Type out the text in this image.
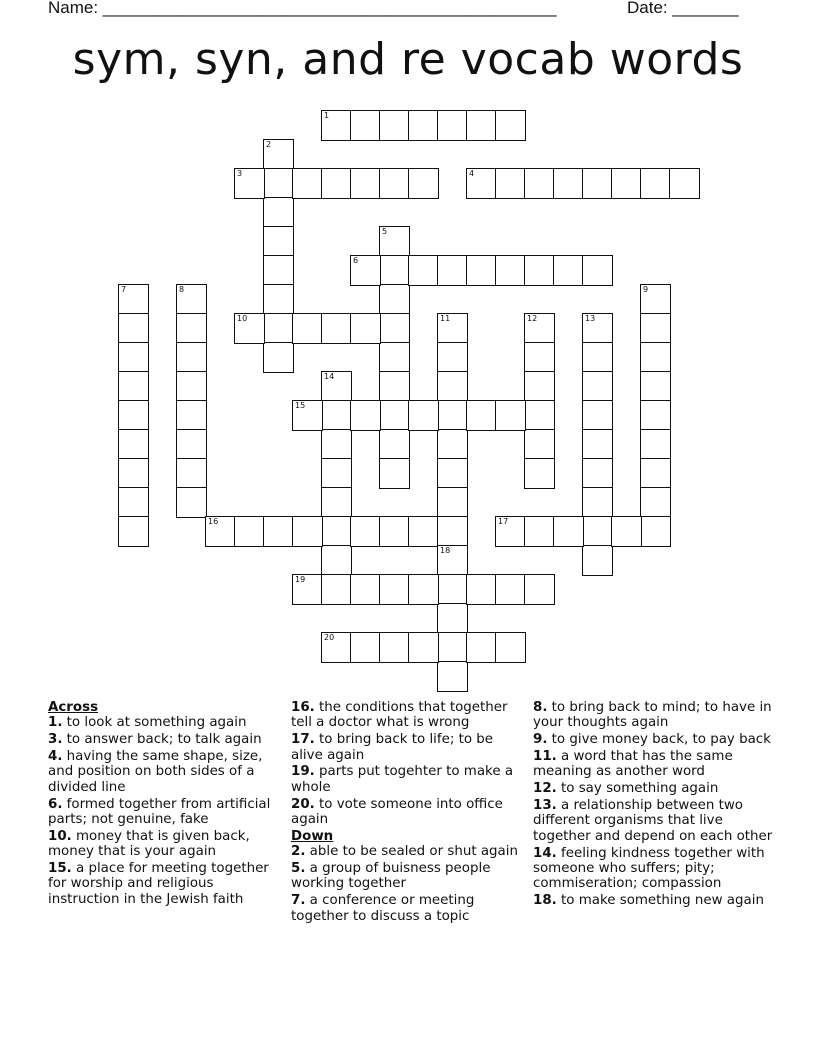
Name: ________________________________________________	Date: _______
sym, syn, and re vocab words
1
2
3	4
5
6
7	8	9
10	11	12	13
14
15
16	17
18
19
20
Across
1. to look at something again
3. to answer back; to talk again
4. having the same shape, size, and position on both sides of a divided line
6. formed together from artificial parts; not genuine, fake
10. money that is given back, money that is your again
15. a place for meeting together for worship and religious instruction in the Jewish faith
16. the conditions that together tell a doctor what is wrong
17. to bring back to life; to be alive again
19. parts put togehter to make a whole
20. to vote someone into office again
Down
2. able to be sealed or shut again
5. a group of buisness people working together
7. a conference or meeting together to discuss a topic
8. to bring back to mind; to have in your thoughts again
9. to give money back, to pay back
11. a word that has the same meaning as another word
12. to say something again
13. a relationship between two different organisms that live together and depend on each other
14. feeling kindness together with someone who suffers; pity; commiseration; compassion
18. to make something new again
